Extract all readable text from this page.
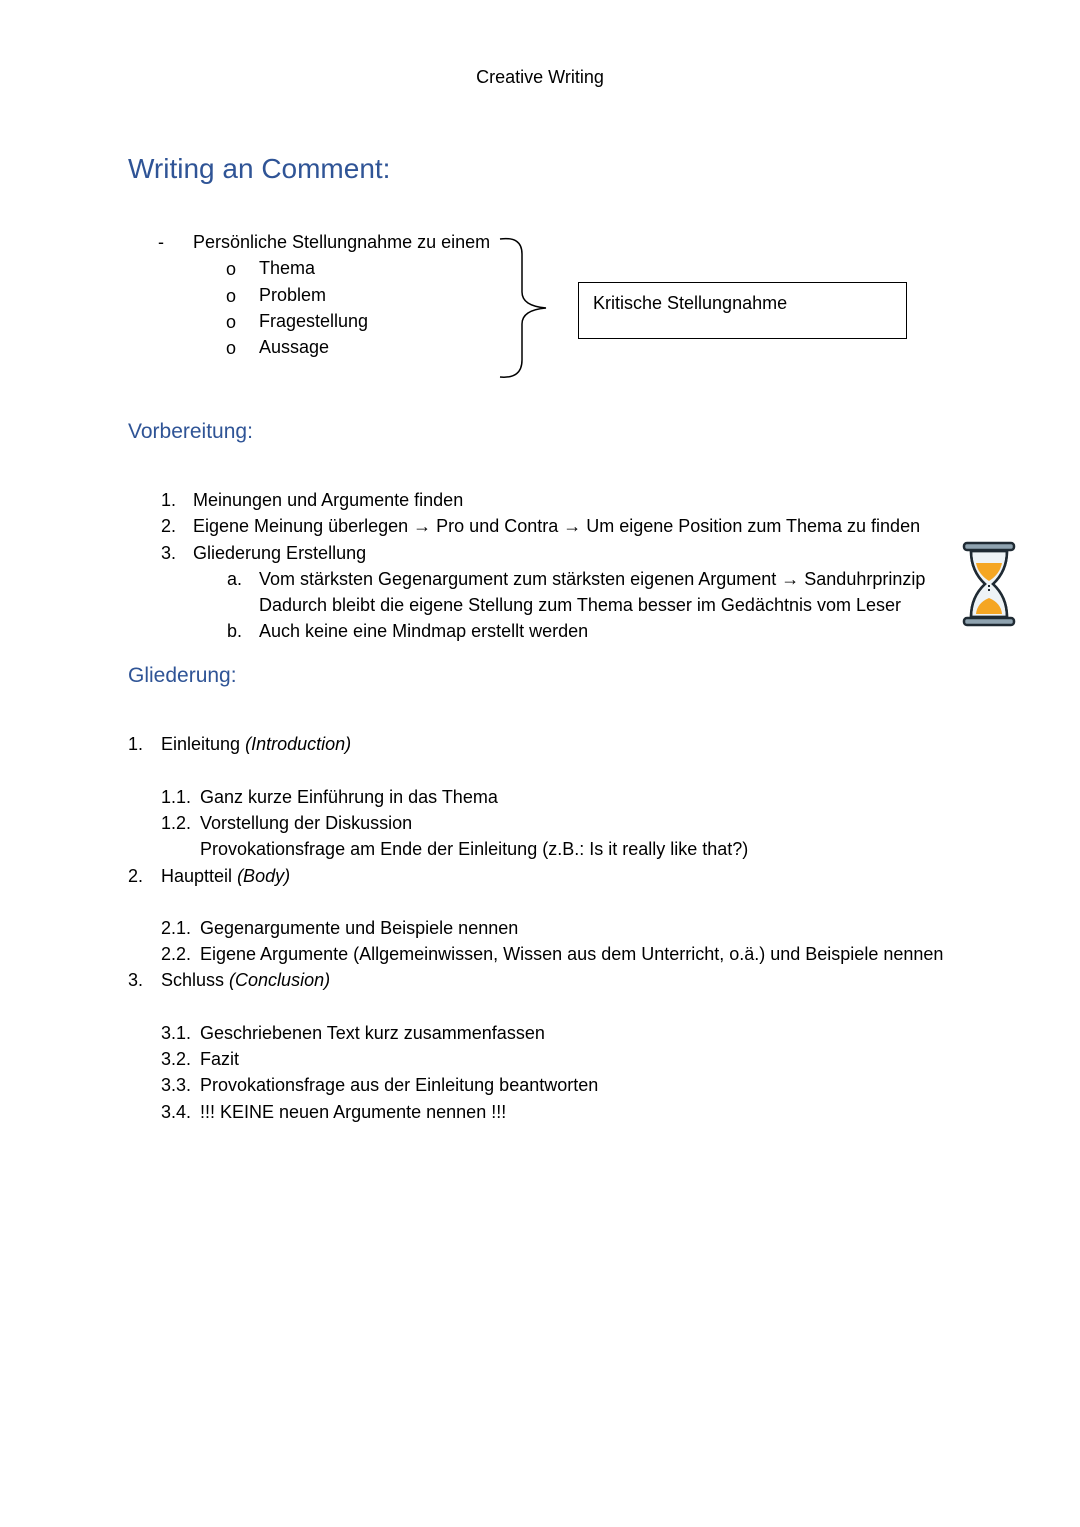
Creative Writing
Writing an Comment:
- Persönliche Stellungnahme zu einem
o Thema
o Problem
o Fragestellung
o Aussage
Kritische Stellungnahme
Vorbereitung:
1. Meinungen und Argumente finden
2. Eigene Meinung überlegen → Pro und Contra → Um eigene Position zum Thema zu finden
3. Gliederung Erstellung
a. Vom stärksten Gegenargument zum stärksten eigenen Argument → Sanduhrprinzip
Dadurch bleibt die eigene Stellung zum Thema besser im Gedächtnis vom Leser
b. Auch keine eine Mindmap erstellt werden
Gliederung:
1. Einleitung (Introduction)
1.1. Ganz kurze Einführung in das Thema
1.2. Vorstellung der Diskussion
Provokationsfrage am Ende der Einleitung (z.B.: Is it really like that?)
2. Hauptteil (Body)
2.1. Gegenargumente und Beispiele nennen
2.2. Eigene Argumente (Allgemeinwissen, Wissen aus dem Unterricht, o.ä.) und Beispiele nennen
3. Schluss (Conclusion)
3.1. Geschriebenen Text kurz zusammenfassen
3.2. Fazit
3.3. Provokationsfrage aus der Einleitung beantworten
3.4. !!! KEINE neuen Argumente nennen !!!
